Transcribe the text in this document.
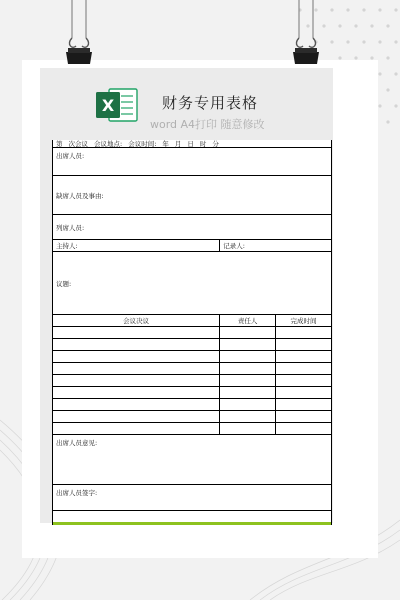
X	财务专用表格
word A4打印 随意修改
第 次会议 会议地点: 会议时间: 年 月 日 时 分		
出席人员:		
缺席人员及事由:		
列席人员:		
主持人:	记录人:	
议题:		
会议决议	责任人	完成时间

出席人员意见:		
出席人员签字:		
